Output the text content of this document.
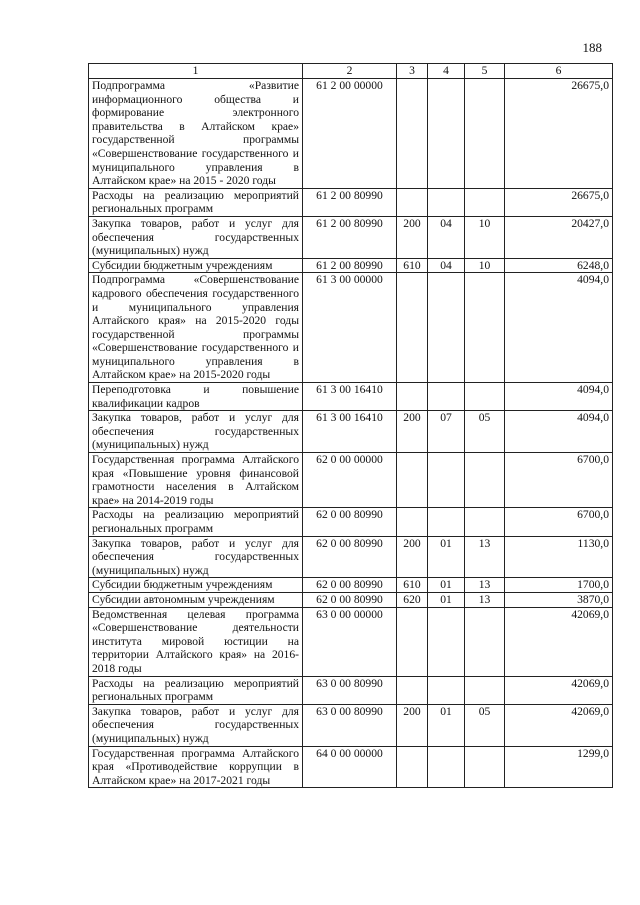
188
1	2	3	4	5	6
Подпрограмма «Развитие информационного общества и формирование электронного правительства в Алтайском крае» государственной программы «Совершенствование государственного и муниципального управления в Алтайском крае» на 2015 - 2020 годы	61 2 00 00000				26675,0
Расходы на реализацию мероприятий региональных программ	61 2 00 80990				26675,0
Закупка товаров, работ и услуг для обеспечения государственных (муниципальных) нужд	61 2 00 80990	200	04	10	20427,0
Субсидии бюджетным учреждениям	61 2 00 80990	610	04	10	6248,0
Подпрограмма «Совершенствование кадрового обеспечения государственного и муниципального управления Алтайского края» на 2015-2020 годы государственной программы «Совершенствование государственного и муниципального управления в Алтайском крае» на 2015-2020 годы	61 3 00 00000				4094,0
Переподготовка и повышение квалификации кадров	61 3 00 16410				4094,0
Закупка товаров, работ и услуг для обеспечения государственных (муниципальных) нужд	61 3 00 16410	200	07	05	4094,0
Государственная программа Алтайского края «Повышение уровня финансовой грамотности населения в Алтайском крае» на 2014-2019 годы	62 0 00 00000				6700,0
Расходы на реализацию мероприятий региональных программ	62 0 00 80990				6700,0
Закупка товаров, работ и услуг для обеспечения государственных (муниципальных) нужд	62 0 00 80990	200	01	13	1130,0
Субсидии бюджетным учреждениям	62 0 00 80990	610	01	13	1700,0
Субсидии автономным учреждениям	62 0 00 80990	620	01	13	3870,0
Ведомственная целевая программа «Совершенствование деятельности института мировой юстиции на территории Алтайского края» на 2016-2018 годы	63 0 00 00000				42069,0
Расходы на реализацию мероприятий региональных программ	63 0 00 80990				42069,0
Закупка товаров, работ и услуг для обеспечения государственных (муниципальных) нужд	63 0 00 80990	200	01	05	42069,0
Государственная программа Алтайского края «Противодействие коррупции в Алтайском крае» на 2017-2021 годы	64 0 00 00000				1299,0
